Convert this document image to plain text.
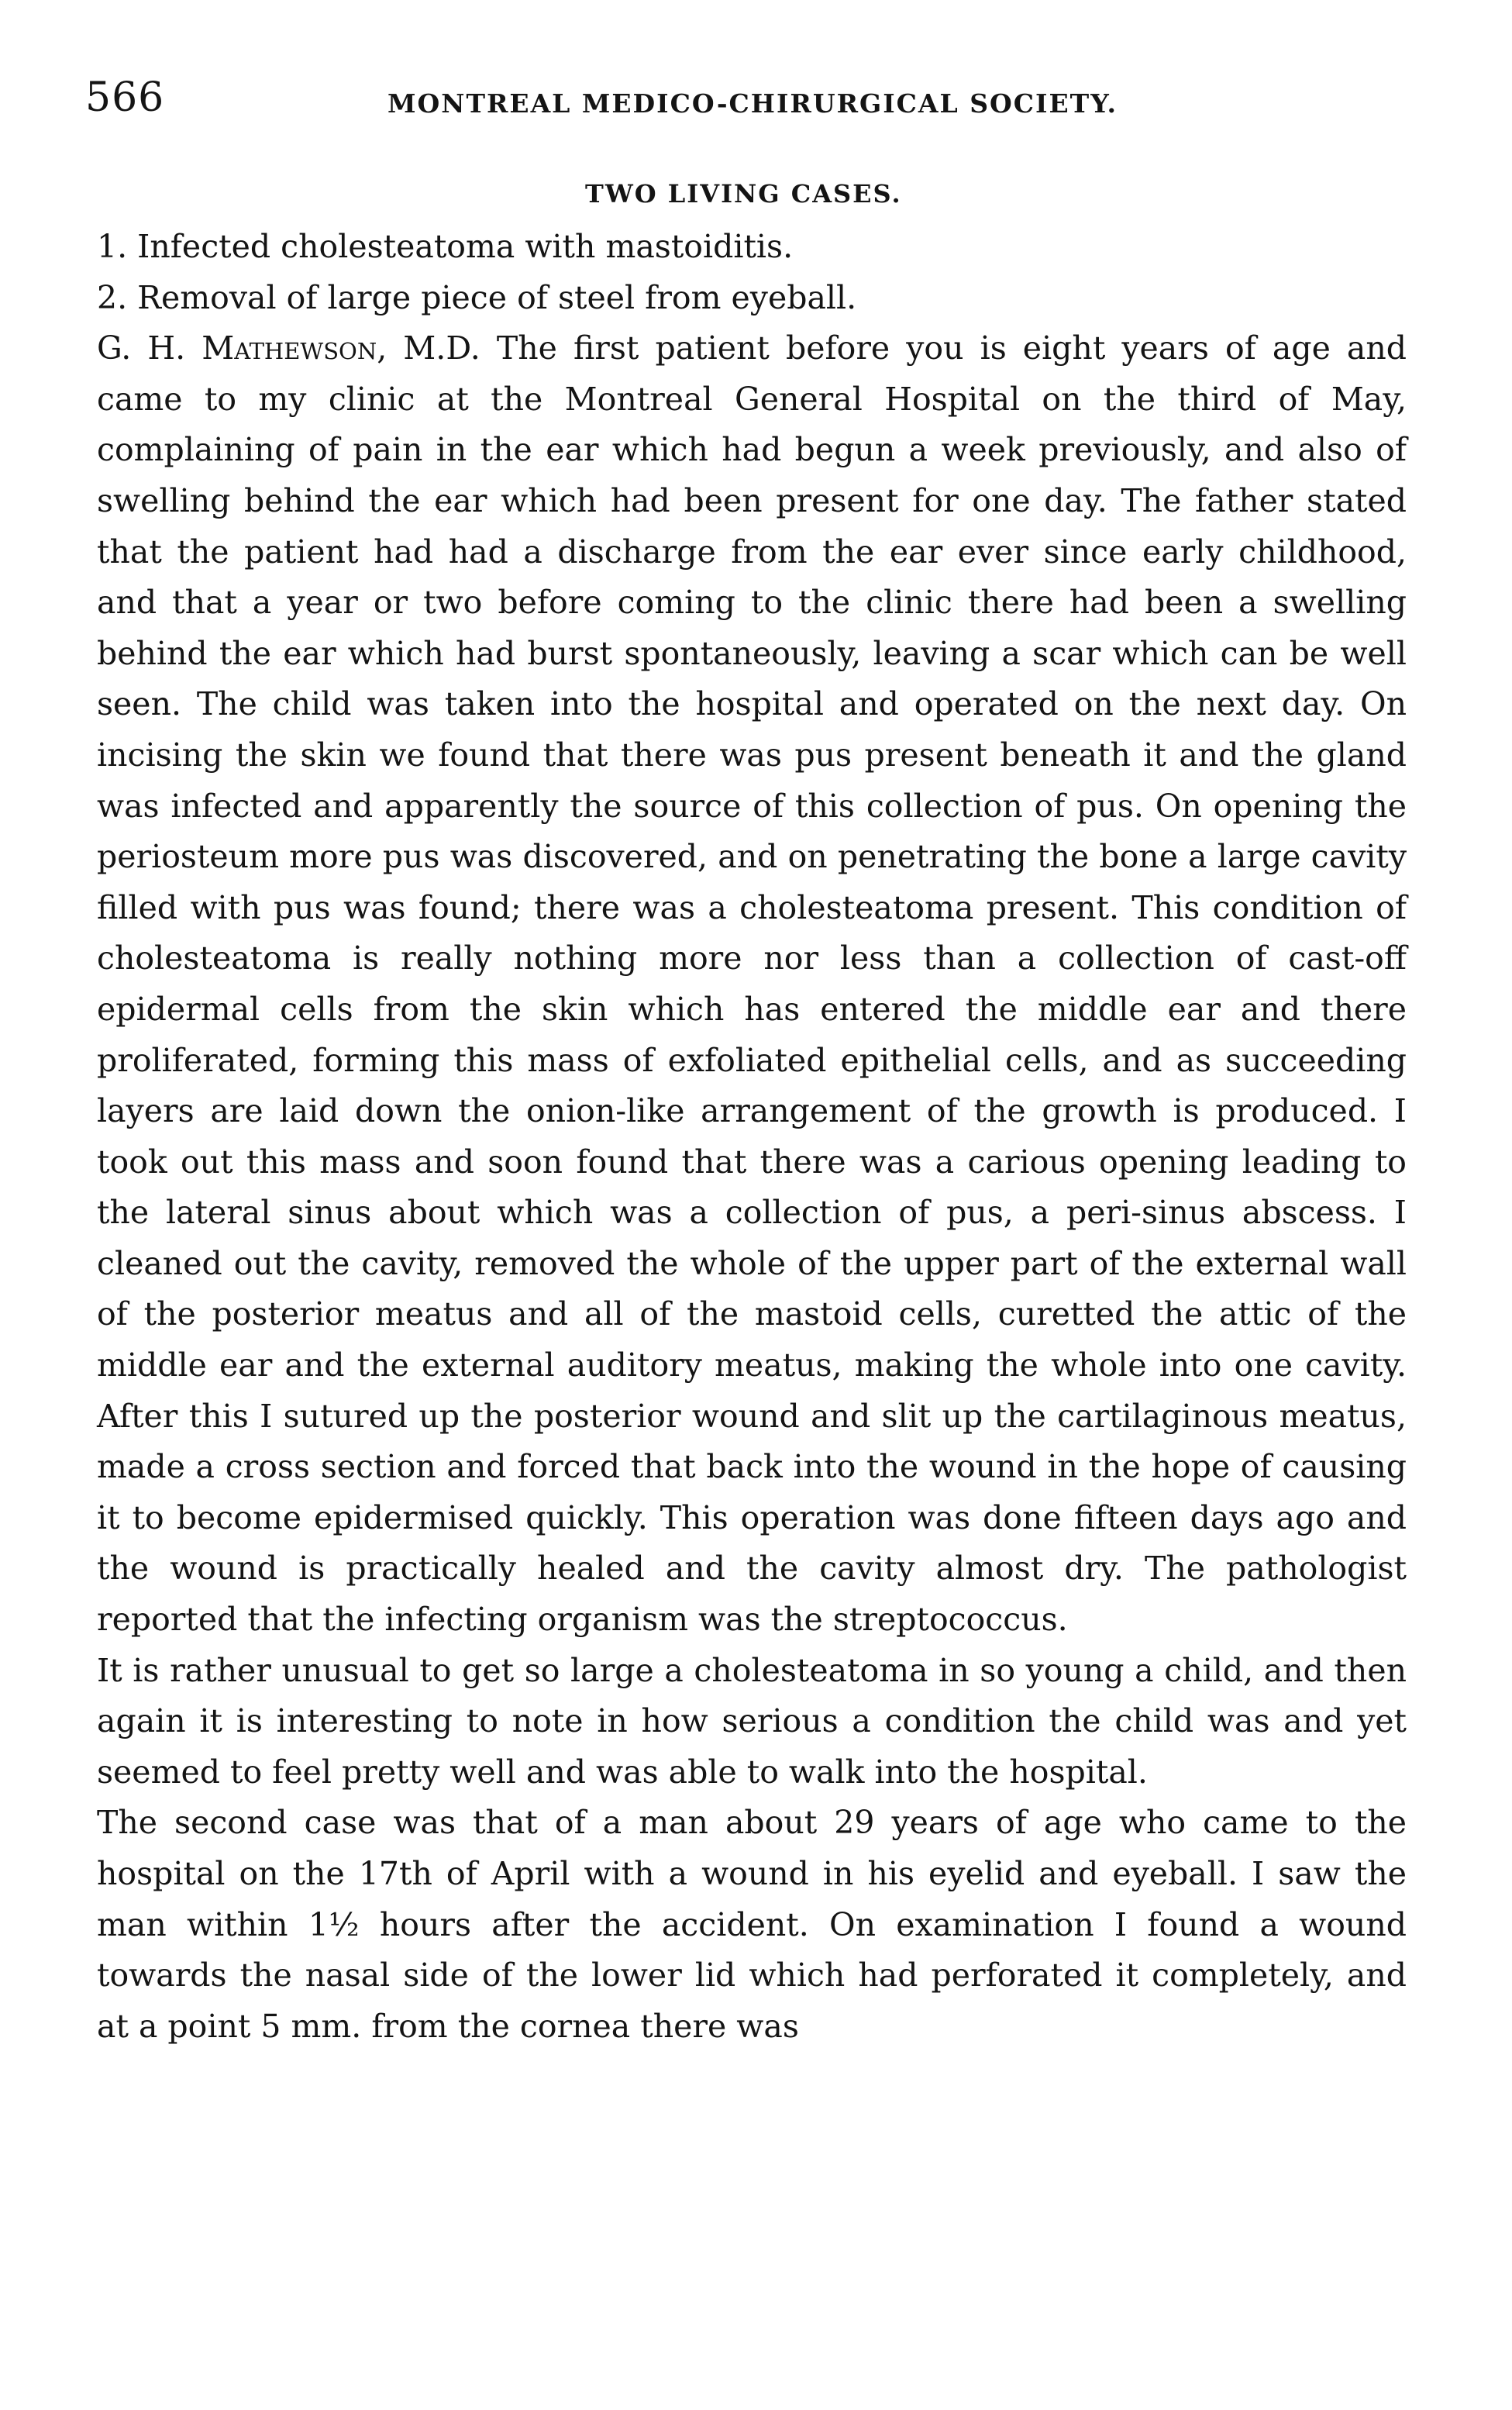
566	MONTREAL MEDICO-CHIRURGICAL SOCIETY.
TWO LIVING CASES.
1. Infected cholesteatoma with mastoiditis.
2. Removal of large piece of steel from eyeball.

G. H. Mathewson, M.D. The first patient before you is eight years of age and came to my clinic at the Montreal General Hospital on the third of May, complaining of pain in the ear which had begun a week previously, and also of swelling behind the ear which had been present for one day. The father stated that the patient had had a discharge from the ear ever since early childhood, and that a year or two before coming to the clinic there had been a swelling behind the ear which had burst spontaneously, leaving a scar which can be well seen. The child was taken into the hospital and operated on the next day. On incising the skin we found that there was pus present beneath it and the gland was infected and apparently the source of this collection of pus. On opening the periosteum more pus was discovered, and on penetrating the bone a large cavity filled with pus was found; there was a cholesteatoma present. This condition of cholesteatoma is really nothing more nor less than a collection of cast-off epidermal cells from the skin which has entered the middle ear and there proliferated, forming this mass of exfoliated epithelial cells, and as succeeding layers are laid down the onion-like arrangement of the growth is produced. I took out this mass and soon found that there was a carious opening leading to the lateral sinus about which was a collection of pus, a peri-sinus abscess. I cleaned out the cavity, removed the whole of the upper part of the external wall of the posterior meatus and all of the mastoid cells, curetted the attic of the middle ear and the external auditory meatus, making the whole into one cavity. After this I sutured up the posterior wound and slit up the cartilaginous meatus, made a cross section and forced that back into the wound in the hope of causing it to become epidermised quickly. This operation was done fifteen days ago and the wound is practically healed and the cavity almost dry. The pathologist reported that the infecting organism was the streptococcus.

It is rather unusual to get so large a cholesteatoma in so young a child, and then again it is interesting to note in how serious a condition the child was and yet seemed to feel pretty well and was able to walk into the hospital.

The second case was that of a man about 29 years of age who came to the hospital on the 17th of April with a wound in his eyelid and eyeball. I saw the man within 1½ hours after the accident. On examination I found a wound towards the nasal side of the lower lid which had perforated it completely, and at a point 5 mm. from the cornea there was
